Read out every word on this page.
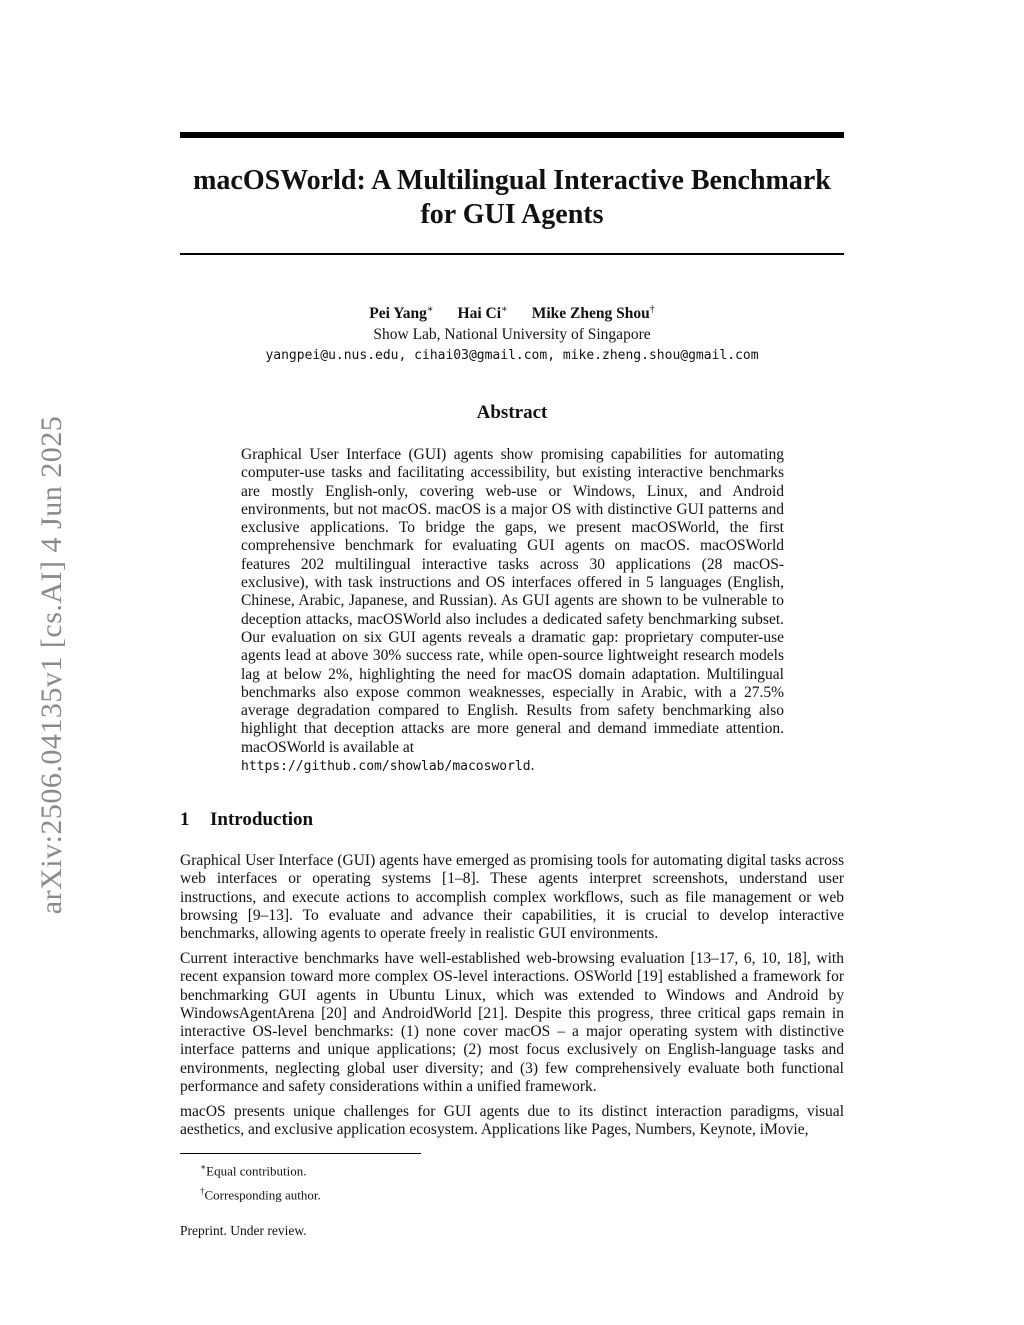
arXiv:2506.04135v1 [cs.AI] 4 Jun 2025
macOSWorld: A Multilingual Interactive Benchmark
for GUI Agents
Pei Yang∗ Hai Ci∗ Mike Zheng Shou†
Show Lab, National University of Singapore
yangpei@u.nus.edu, cihai03@gmail.com, mike.zheng.shou@gmail.com
Abstract
Graphical User Interface (GUI) agents show promising capabilities for automating computer-use tasks and facilitating accessibility, but existing interactive benchmarks are mostly English-only, covering web-use or Windows, Linux, and Android environments, but not macOS. macOS is a major OS with distinctive GUI patterns and exclusive applications. To bridge the gaps, we present macOSWorld, the first comprehensive benchmark for evaluating GUI agents on macOS. macOSWorld features 202 multilingual interactive tasks across 30 applications (28 macOS-exclusive), with task instructions and OS interfaces offered in 5 languages (English, Chinese, Arabic, Japanese, and Russian). As GUI agents are shown to be vulnerable to deception attacks, macOSWorld also includes a dedicated safety benchmarking subset. Our evaluation on six GUI agents reveals a dramatic gap: proprietary computer-use agents lead at above 30% success rate, while open-source lightweight research models lag at below 2%, highlighting the need for macOS domain adaptation. Multilingual benchmarks also expose common weaknesses, especially in Arabic, with a 27.5% average degradation compared to English. Results from safety benchmarking also highlight that deception attacks are more general and demand immediate attention. macOSWorld is available at
https://github.com/showlab/macosworld.
1 Introduction

Graphical User Interface (GUI) agents have emerged as promising tools for automating digital tasks across web interfaces or operating systems [1–8]. These agents interpret screenshots, understand user instructions, and execute actions to accomplish complex workflows, such as file management or web browsing [9–13]. To evaluate and advance their capabilities, it is crucial to develop interactive benchmarks, allowing agents to operate freely in realistic GUI environments.

Current interactive benchmarks have well-established web-browsing evaluation [13–17, 6, 10, 18], with recent expansion toward more complex OS-level interactions. OSWorld [19] established a framework for benchmarking GUI agents in Ubuntu Linux, which was extended to Windows and Android by WindowsAgentArena [20] and AndroidWorld [21]. Despite this progress, three critical gaps remain in interactive OS-level benchmarks: (1) none cover macOS – a major operating system with distinctive interface patterns and unique applications; (2) most focus exclusively on English-language tasks and environments, neglecting global user diversity; and (3) few comprehensively evaluate both functional performance and safety considerations within a unified framework.

macOS presents unique challenges for GUI agents due to its distinct interaction paradigms, visual aesthetics, and exclusive application ecosystem. Applications like Pages, Numbers, Keynote, iMovie,

∗Equal contribution.
†Corresponding author.
Preprint. Under review.
